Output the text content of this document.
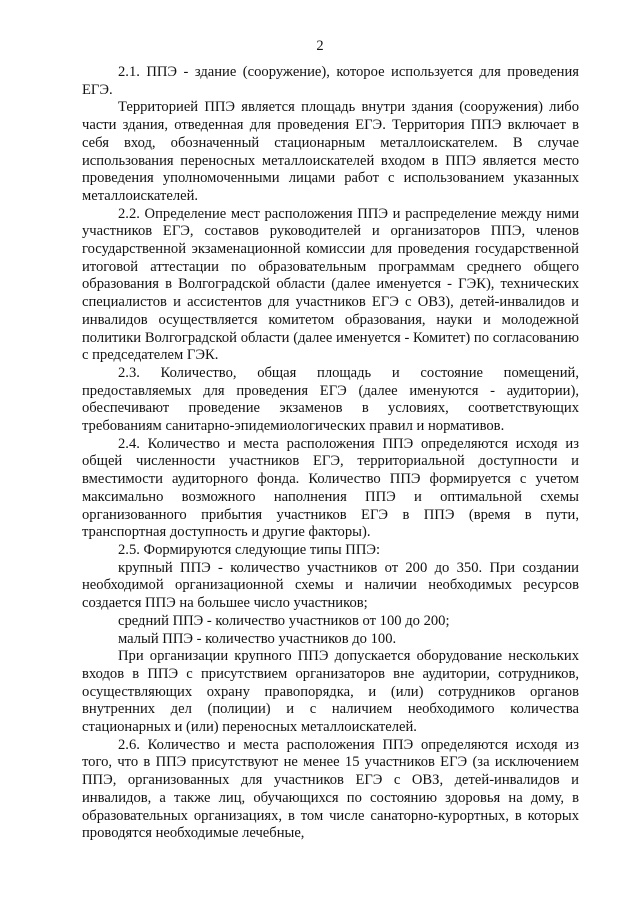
2

2.1. ППЭ - здание (сооружение), которое используется для проведения ЕГЭ.

Территорией ППЭ является площадь внутри здания (сооружения) либо части здания, отведенная для проведения ЕГЭ. Территория ППЭ включает в себя вход, обозначенный стационарным металлоискателем. В случае использования переносных металлоискателей входом в ППЭ является место проведения уполномоченными лицами работ с использованием указанных металлоискателей.

2.2. Определение мест расположения ППЭ и распределение между ними участников ЕГЭ, составов руководителей и организаторов ППЭ, членов государственной экзаменационной комиссии для проведения государственной итоговой аттестации по образовательным программам среднего общего образования в Волгоградской области (далее именуется - ГЭК), технических специалистов и ассистентов для участников ЕГЭ с ОВЗ), детей-инвалидов и инвалидов осуществляется комитетом образования, науки и молодежной политики Волгоградской области (далее именуется - Комитет) по согласованию с председателем ГЭК.

2.3. Количество, общая площадь и состояние помещений, предоставляемых для проведения ЕГЭ (далее именуются - аудитории), обеспечивают проведение экзаменов в условиях, соответствующих требованиям санитарно-эпидемиологических правил и нормативов.

2.4. Количество и места расположения ППЭ определяются исходя из общей численности участников ЕГЭ, территориальной доступности и вместимости аудиторного фонда. Количество ППЭ формируется с учетом максимально возможного наполнения ППЭ и оптимальной схемы организованного прибытия участников ЕГЭ в ППЭ (время в пути, транспортная доступность и другие факторы).

2.5. Формируются следующие типы ППЭ:

крупный ППЭ - количество участников от 200 до 350. При создании необходимой организационной схемы и наличии необходимых ресурсов создается ППЭ на большее число участников;

средний ППЭ - количество участников от 100 до 200;

малый ППЭ - количество участников до 100.

При организации крупного ППЭ допускается оборудование нескольких входов в ППЭ с присутствием организаторов вне аудитории, сотрудников, осуществляющих охрану правопорядка, и (или) сотрудников органов внутренних дел (полиции) и с наличием необходимого количества стационарных и (или) переносных металлоискателей.

2.6. Количество и места расположения ППЭ определяются исходя из того, что в ППЭ присутствуют не менее 15 участников ЕГЭ (за исключением ППЭ, организованных для участников ЕГЭ с ОВЗ, детей-инвалидов и инвалидов, а также лиц, обучающихся по состоянию здоровья на дому, в образовательных организациях, в том числе санаторно-курортных, в которых проводятся необходимые лечебные,
